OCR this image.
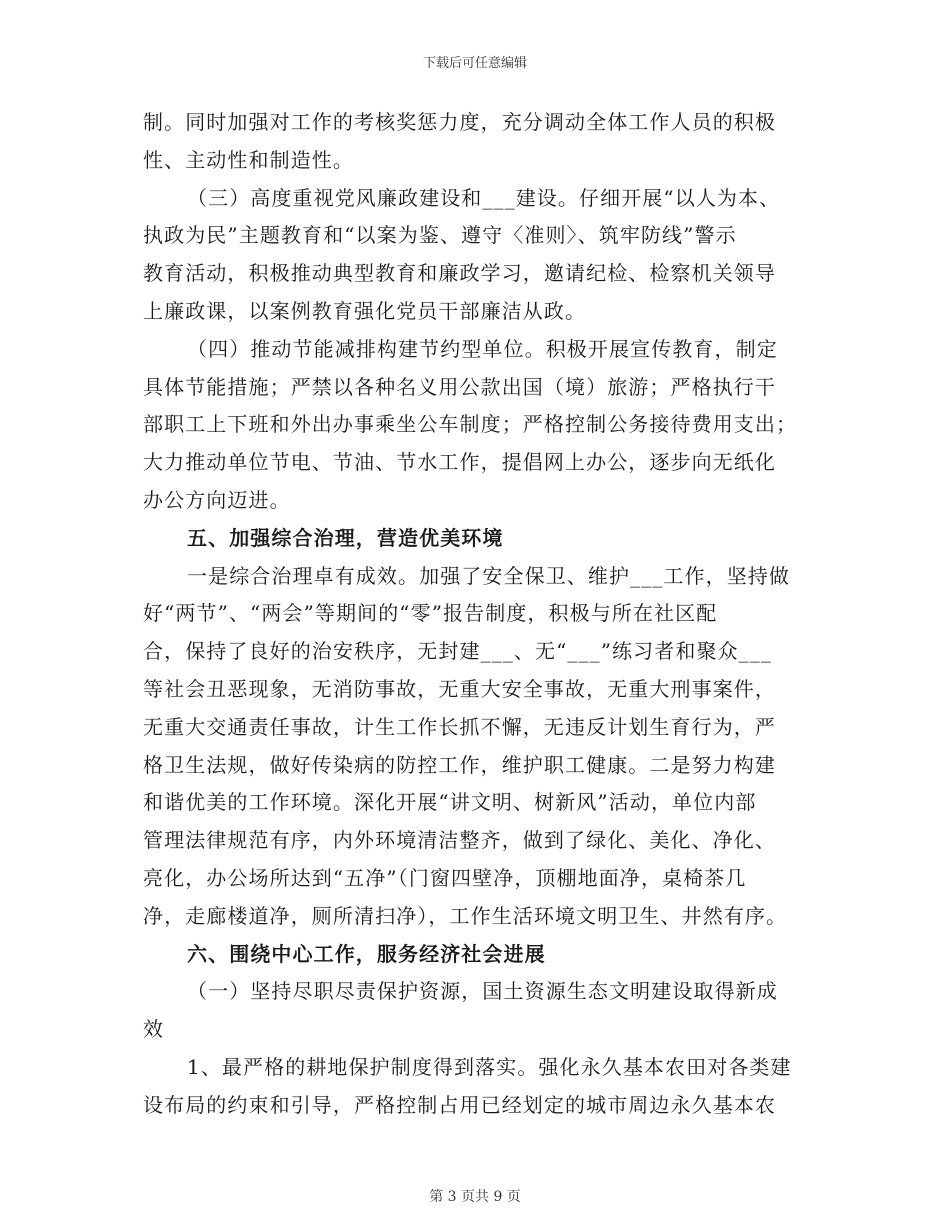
下载后可任意编辑
制。同时加强对工作的考核奖惩力度，充分调动全体工作人员的积极
性、主动性和制造性。
（三）高度重视党风廉政建设和___建设。仔细开展“以人为本、
执政为民”主题教育和“以案为鉴、遵守〈准则〉、筑牢防线”警示
教育活动，积极推动典型教育和廉政学习，邀请纪检、检察机关领导
上廉政课，以案例教育强化党员干部廉洁从政。
（四）推动节能减排构建节约型单位。积极开展宣传教育，制定
具体节能措施；严禁以各种名义用公款出国（境）旅游；严格执行干
部职工上下班和外出办事乘坐公车制度；严格控制公务接待费用支出；
大力推动单位节电、节油、节水工作，提倡网上办公，逐步向无纸化
办公方向迈进。
五、加强综合治理，营造优美环境
一是综合治理卓有成效。加强了安全保卫、维护___工作，坚持做
好“两节”、“两会”等期间的“零”报告制度，积极与所在社区配
合，保持了良好的治安秩序，无封建___、无“___”练习者和聚众___
等社会丑恶现象，无消防事故，无重大安全事故，无重大刑事案件，
无重大交通责任事故，计生工作长抓不懈，无违反计划生育行为，严
格卫生法规，做好传染病的防控工作，维护职工健康。二是努力构建
和谐优美的工作环境。深化开展“讲文明、树新风”活动，单位内部
管理法律规范有序，内外环境清洁整齐，做到了绿化、美化、净化、
亮化，办公场所达到“五净”（门窗四壁净，顶棚地面净，桌椅茶几
净，走廊楼道净，厕所清扫净），工作生活环境文明卫生、井然有序。
六、围绕中心工作，服务经济社会进展
（一）坚持尽职尽责保护资源，国土资源生态文明建设取得新成
效
1、最严格的耕地保护制度得到落实。强化永久基本农田对各类建
设布局的约束和引导，严格控制占用已经划定的城市周边永久基本农
第 3 页共 9 页
